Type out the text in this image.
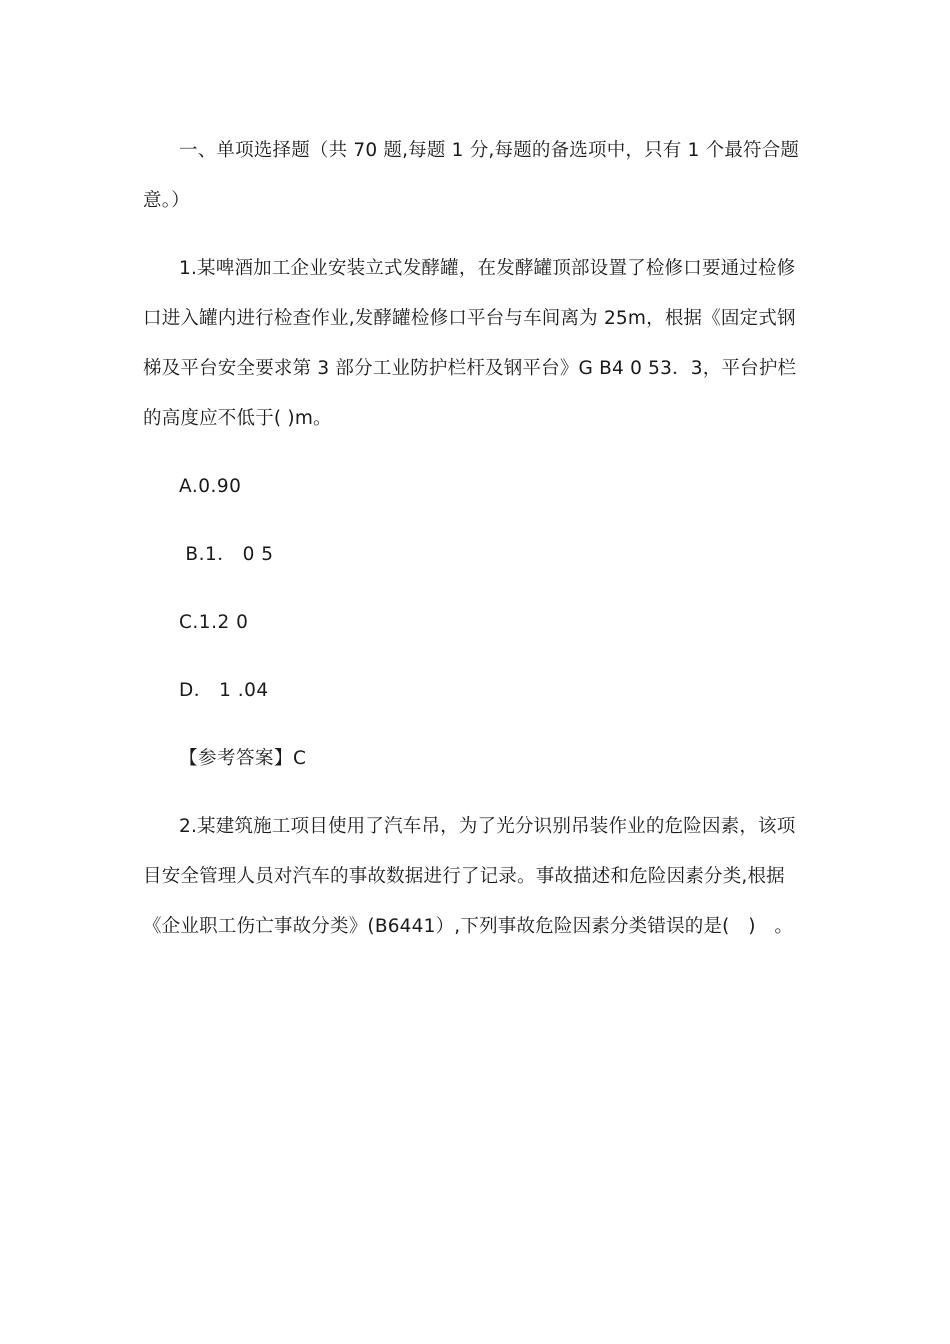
一、单项选择题（共 70 题,每题 1 分,每题的备选项中，只有 1 个最符合题意。）

1.某啤酒加工企业安装立式发酵罐，在发酵罐顶部设置了检修口要通过检修口进入罐内进行检查作业,发酵罐检修口平台与车间离为 25m，根据《固定式钢梯及平台安全要求第 3 部分工业防护栏杆及钢平台》G B4 0 53．3，平台护栏的高度应不低于( )m。

A.0.90

B.1． 0 5

C.1.2 0

D． 1 .04

【参考答案】C

2.某建筑施工项目使用了汽车吊，为了光分识别吊装作业的危险因素，该项目安全管理人员对汽车的事故数据进行了记录。事故描述和危险因素分类,根据《企业职工伤亡事故分类》(B6441）,下列事故危险因素分类错误的是(　)　。
